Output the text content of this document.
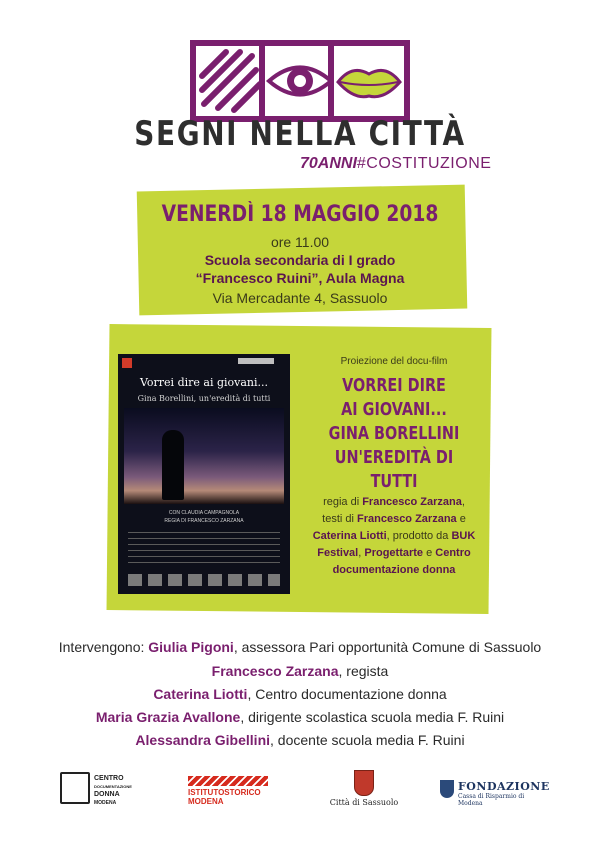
SEGNI NELLA CITTÀ
70ANNI#COSTITUZIONE
VENERDÌ 18 MAGGIO 2018
ore 11.00
Scuola secondaria di I grado
“Francesco Ruini”, Aula Magna
Via Mercadante 4, Sassuolo
Vorrei dire ai giovani...
Gina Borellini, un'eredità di tutti
CON CLAUDIA CAMPAGNOLA
REGIA DI FRANCESCO ZARZANA
Proiezione del docu-film
VORREI DIRE
AI GIOVANI...
GINA BORELLINI
UN'EREDITÀ DI TUTTI
regia di Francesco Zarzana,
testi di Francesco Zarzana e
Caterina Liotti, prodotto da BUK
Festival, Progettarte e Centro
documentazione donna
Intervengono: Giulia Pigoni, assessora Pari opportunità Comune di Sassuolo
Francesco Zarzana, regista
Caterina Liotti, Centro documentazione donna
Maria Grazia Avallone, dirigente scolastica scuola media F. Ruini
Alessandra Gibellini, docente scuola media F. Ruini
CENTRO
DOCUMENTAZIONE
DONNA
MODENA
ISTITUTOSTORICO
MODENA	Città di Sassuolo
FONDAZIONE
Cassa di Risparmio di Modena
